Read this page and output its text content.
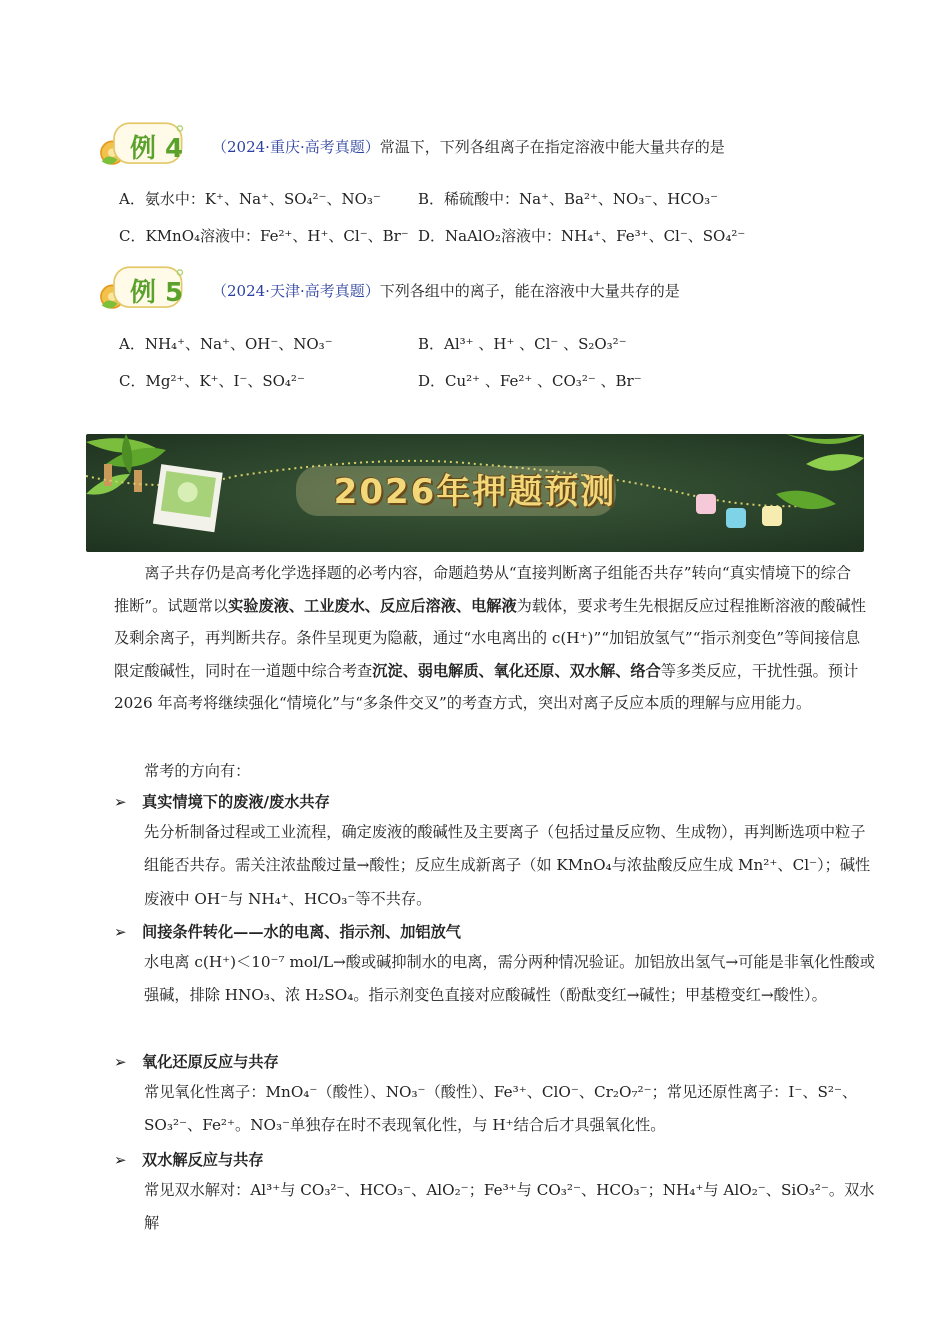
例 4 （2024·重庆·高考真题）常温下，下列各组离子在指定溶液中能大量共存的是
A．氨水中：K⁺、Na⁺、SO₄²⁻、NO₃⁻ B．稀硫酸中：Na⁺、Ba²⁺、NO₃⁻、HCO₃⁻
C．KMnO₄溶液中：Fe²⁺、H⁺、Cl⁻、Br⁻ D．NaAlO₂溶液中：NH₄⁺、Fe³⁺、Cl⁻、SO₄²⁻
例 5 （2024·天津·高考真题）下列各组中的离子，能在溶液中大量共存的是
A．NH₄⁺、Na⁺、OH⁻、NO₃⁻	B．Al³⁺ 、H⁺ 、Cl⁻ 、S₂O₃²⁻
C．Mg²⁺、K⁺、I⁻、SO₄²⁻	D．Cu²⁺ 、Fe²⁺ 、CO₃²⁻ 、Br⁻
2026年押题预测
离子共存仍是高考化学选择题的必考内容，命题趋势从“直接判断离子组能否共存”转向“真实情境下的综合推断”。试题常以实验废液、工业废水、反应后溶液、电解液为载体，要求考生先根据反应过程推断溶液的酸碱性及剩余离子，再判断共存。条件呈现更为隐蔽，通过“水电离出的 c(H⁺)”“加铝放氢气”“指示剂变色”等间接信息限定酸碱性，同时在一道题中综合考查沉淀、弱电解质、氧化还原、双水解、络合等多类反应，干扰性强。预计 2026 年高考将继续强化“情境化”与“多条件交叉”的考查方式，突出对离子反应本质的理解与应用能力。
常考的方向有：
➢ 真实情境下的废液/废水共存
先分析制备过程或工业流程，确定废液的酸碱性及主要离子（包括过量反应物、生成物），再判断选项中粒子组能否共存。需关注浓盐酸过量→酸性；反应生成新离子（如 KMnO₄与浓盐酸反应生成 Mn²⁺、Cl⁻）；碱性废液中 OH⁻与 NH₄⁺、HCO₃⁻等不共存。
➢ 间接条件转化——水的电离、指示剂、加铝放气
水电离 c(H⁺)＜10⁻⁷ mol/L→酸或碱抑制水的电离，需分两种情况验证。加铝放出氢气→可能是非氧化性酸或强碱，排除 HNO₃、浓 H₂SO₄。指示剂变色直接对应酸碱性（酚酞变红→碱性；甲基橙变红→酸性）。
➢ 氧化还原反应与共存
常见氧化性离子：MnO₄⁻（酸性）、NO₃⁻（酸性）、Fe³⁺、ClO⁻、Cr₂O₇²⁻；常见还原性离子：I⁻、S²⁻、SO₃²⁻、Fe²⁺。NO₃⁻单独存在时不表现氧化性，与 H⁺结合后才具强氧化性。
➢ 双水解反应与共存
常见双水解对：Al³⁺与 CO₃²⁻、HCO₃⁻、AlO₂⁻；Fe³⁺与 CO₃²⁻、HCO₃⁻；NH₄⁺与 AlO₂⁻、SiO₃²⁻。双水解
